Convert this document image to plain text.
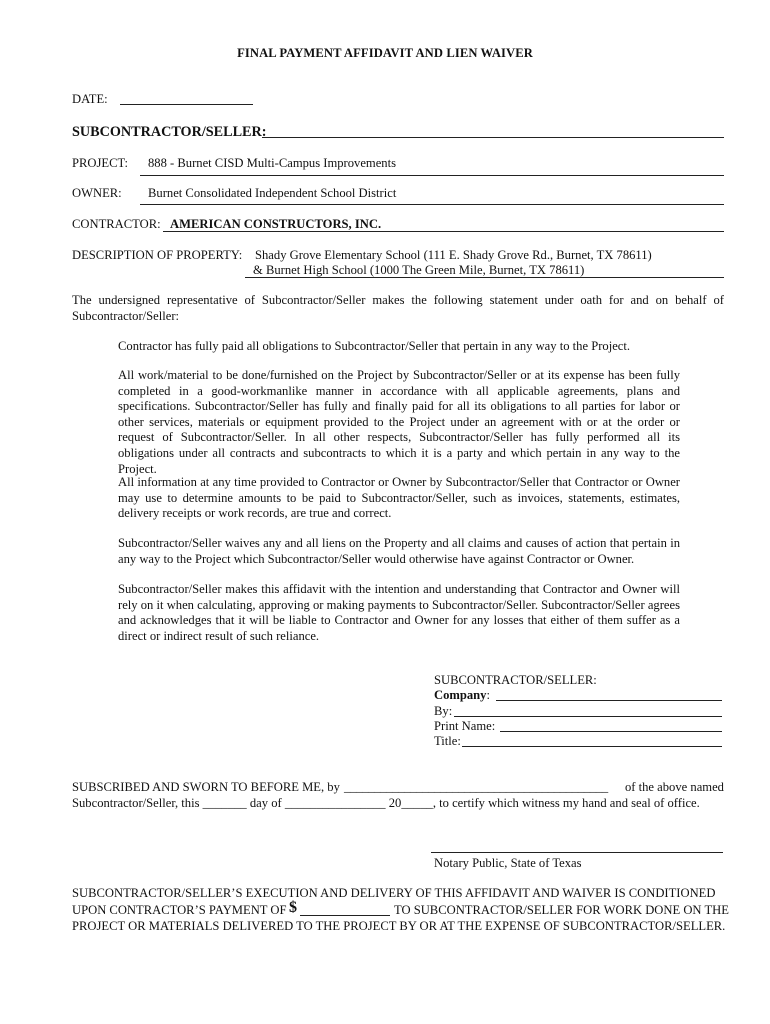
FINAL PAYMENT AFFIDAVIT AND LIEN WAIVER
DATE:
SUBCONTRACTOR/SELLER:
PROJECT: 888 - Burnet CISD Multi-Campus Improvements
OWNER: Burnet Consolidated Independent School District
CONTRACTOR: AMERICAN CONSTRUCTORS, INC.
DESCRIPTION OF PROPERTY: Shady Grove Elementary School (111 E. Shady Grove Rd., Burnet, TX 78611)
& Burnet High School (1000 The Green Mile, Burnet, TX 78611)
The undersigned representative of Subcontractor/Seller makes the following statement under oath for and on behalf of Subcontractor/Seller:
Contractor has fully paid all obligations to Subcontractor/Seller that pertain in any way to the Project.
All work/material to be done/furnished on the Project by Subcontractor/Seller or at its expense has been fully completed in a good-workmanlike manner in accordance with all applicable agreements, plans and specifications. Subcontractor/Seller has fully and finally paid for all its obligations to all parties for labor or other services, materials or equipment provided to the Project under an agreement with or at the order or request of Subcontractor/Seller. In all other respects, Subcontractor/Seller has fully performed all its obligations under all contracts and subcontracts to which it is a party and which pertain in any way to the Project.
All information at any time provided to Contractor or Owner by Subcontractor/Seller that Contractor or Owner may use to determine amounts to be paid to Subcontractor/Seller, such as invoices, statements, estimates, delivery receipts or work records, are true and correct.
Subcontractor/Seller waives any and all liens on the Property and all claims and causes of action that pertain in any way to the Project which Subcontractor/Seller would otherwise have against Contractor or Owner.
Subcontractor/Seller makes this affidavit with the intention and understanding that Contractor and Owner will rely on it when calculating, approving or making payments to Subcontractor/Seller. Subcontractor/Seller agrees and acknowledges that it will be liable to Contractor and Owner for any losses that either of them suffer as a direct or indirect result of such reliance.
SUBCONTRACTOR/SELLER:
Company:
By:
Print Name:
Title:
SUBSCRIBED AND SWORN TO BEFORE ME, by ____________________________________________ of the above named
Subcontractor/Seller, this _______ day of ________________ 20_____, to certify which witness my hand and seal of office.
Notary Public, State of Texas
SUBCONTRACTOR/SELLER’S EXECUTION AND DELIVERY OF THIS AFFIDAVIT AND WAIVER IS CONDITIONED
UPON CONTRACTOR’S PAYMENT OF $	TO SUBCONTRACTOR/SELLER FOR WORK DONE ON THE
PROJECT OR MATERIALS DELIVERED TO THE PROJECT BY OR AT THE EXPENSE OF SUBCONTRACTOR/SELLER.
